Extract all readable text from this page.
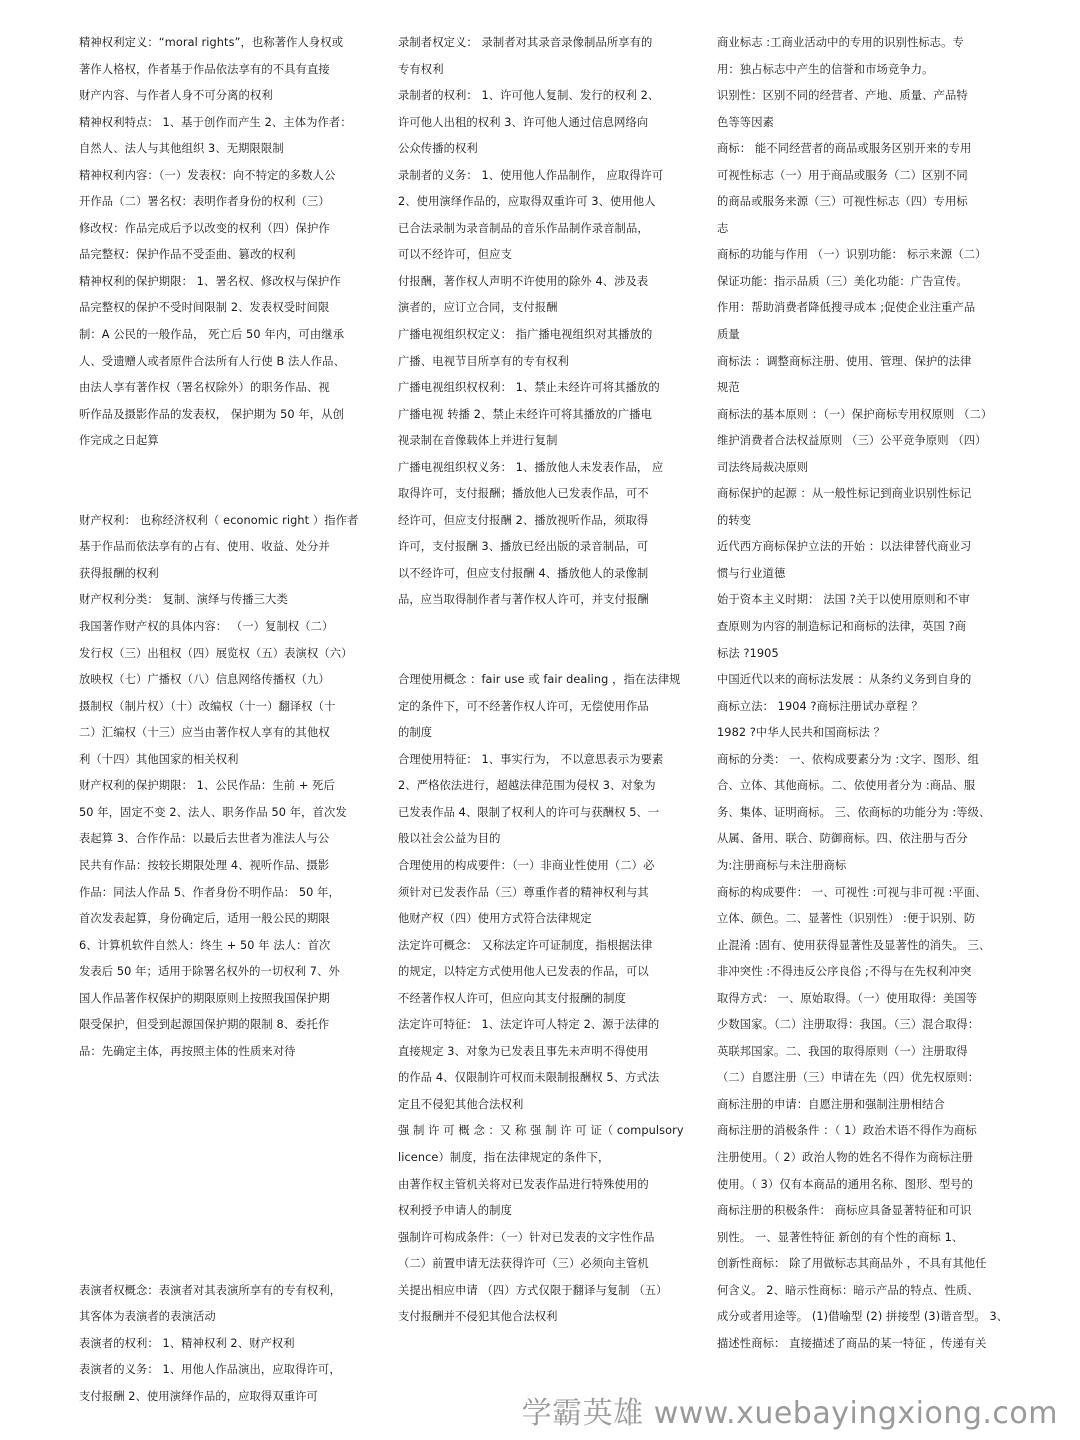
精神权利定义：“moral rights”，也称著作人身权或
著作人格权，作者基于作品依法享有的不具有直接
财产内容、与作者人身不可分离的权利
精神权利特点： 1、基于创作而产生 2、主体为作者：
自然人、法人与其他组织 3、无期限限制
精神权利内容：（一）发表权：向不特定的多数人公
开作品（二）署名权：表明作者身份的权利（三）
修改权：作品完成后予以改变的权利（四）保护作
品完整权：保护作品不受歪曲、篡改的权利
精神权利的保护期限： 1、署名权、修改权与保护作
品完整权的保护不受时间限制 2、发表权受时间限
制：A 公民的一般作品， 死亡后 50 年内，可由继承
人、受遗赠人或者原件合法所有人行使 B 法人作品、
由法人享有著作权（署名权除外）的职务作品、视
听作品及摄影作品的发表权， 保护期为 50 年，从创
作完成之日起算
财产权利： 也称经济权利（ economic right ）指作者
基于作品而依法享有的占有、使用、收益、处分并
获得报酬的权利
财产权利分类： 复制、演绎与传播三大类
我国著作财产权的具体内容： （一）复制权（二）
发行权（三）出租权（四）展览权（五）表演权（六）
放映权（七）广播权（八）信息网络传播权（九）
摄制权（制片权）（十）改编权（十一）翻译权（十
二）汇编权（十三）应当由著作权人享有的其他权
利（十四）其他国家的相关权利
财产权利的保护期限： 1、公民作品：生前 + 死后
50 年，固定不变 2、法人、职务作品 50 年，首次发
表起算 3、合作作品：以最后去世者为准法人与公
民共有作品：按较长期限处理 4、视听作品、摄影
作品：同法人作品 5、作者身份不明作品： 50 年，
首次发表起算，身份确定后，适用一般公民的期限
6、计算机软件自然人：终生 + 50 年 法人：首次
发表后 50 年；适用于除署名权外的一切权利 7、外
国人作品著作权保护的期限原则上按照我国保护期
限受保护，但受到起源国保护期的限制 8、委托作
品：先确定主体，再按照主体的性质来对待
表演者权概念：表演者对其表演所享有的专有权利，
其客体为表演者的表演活动
表演者的权利： 1、精神权利 2、财产权利
表演者的义务： 1、用他人作品演出，应取得许可，
支付报酬 2、使用演绎作品的，应取得双重许可
录制者权定义： 录制者对其录音录像制品所享有的
专有权利
录制者的权利： 1、许可他人复制、发行的权利 2、
许可他人出租的权利 3、许可他人通过信息网络向
公众传播的权利
录制者的义务： 1、使用他人作品制作， 应取得许可
2、使用演绎作品的，应取得双重许可 3、使用他人
已合法录制为录音制品的音乐作品制作录音制品，
可以不经许可，但应支
付报酬，著作权人声明不许使用的除外 4、涉及表
演者的，应订立合同，支付报酬
广播电视组织权定义： 指广播电视组织对其播放的
广播、电视节目所享有的专有权利
广播电视组织权权利： 1、禁止未经许可将其播放的
广播电视 转播 2、禁止未经许可将其播放的广播电
视录制在音像载体上并进行复制
广播电视组织权义务： 1、播放他人未发表作品， 应
取得许可，支付报酬；播放他人已发表作品，可不
经许可，但应支付报酬 2、播放视听作品，须取得
许可，支付报酬 3、播放已经出版的录音制品，可
以不经许可，但应支付报酬 4、播放他人的录像制
品，应当取得制作者与著作权人许可，并支付报酬
合理使用概念 ：fair use 或 fair dealing ，指在法律规
定的条件下，可不经著作权人许可，无偿使用作品
的制度
合理使用特征： 1、事实行为， 不以意思表示为要素
2、严格依法进行，超越法律范围为侵权 3、对象为
已发表作品 4、限制了权利人的许可与获酬权 5、一
般以社会公益为目的
合理使用的构成要件：（一）非商业性使用（二）必
须针对已发表作品（三）尊重作者的精神权利与其
他财产权（四）使用方式符合法律规定
法定许可概念： 又称法定许可证制度，指根据法律
的规定，以特定方式使用他人已发表的作品，可以
不经著作权人许可，但应向其支付报酬的制度
法定许可特征： 1、法定许可人特定 2、源于法律的
直接规定 3、对象为已发表且事先未声明不得使用
的作品 4、仅限制许可权而未限制报酬权 5、方式法
定且不侵犯其他合法权利
强 制 许 可 概 念 ：又 称 强 制 许 可 证（ compulsory
licence）制度，指在法律规定的条件下，
由著作权主管机关将对已发表作品进行特殊使用的
权利授予申请人的制度
强制许可构成条件：（一）针对已发表的文字性作品
（二）前置申请无法获得许可（三）必须向主管机
关提出相应申请 （四）方式仅限于翻译与复制 （五）
支付报酬并不侵犯其他合法权利
商业标志 :工商业活动中的专用的识别性标志。专
用：独占标志中产生的信誉和市场竞争力。
识别性：区别不同的经营者、产地、质量、产品特
色等等因素
商标： 能不同经营者的商品或服务区别开来的专用
可视性标志（一）用于商品或服务（二）区别不同
的商品或服务来源（三）可视性标志（四）专用标
志
商标的功能与作用 （一）识别功能： 标示来源（二）
保证功能：指示品质（三）美化功能：广告宣传。
作用：帮助消费者降低搜寻成本 ;促使企业注重产品
质量
商标法 ：调整商标注册、使用、管理、保护的法律
规范
商标法的基本原则 ：（一）保护商标专用权原则 （二）
维护消费者合法权益原则 （三）公平竞争原则 （四）
司法终局裁决原则
商标保护的起源 ：从一般性标记到商业识别性标记
的转变
近代西方商标保护立法的开始 ：以法律替代商业习
惯与行业道德
始于资本主义时期： 法国 ?关于以使用原则和不审
查原则为内容的制造标记和商标的法律，英国 ?商
标法 ?1905
中国近代以来的商标法发展 ：从条约义务到自身的
商标立法： 1904 ?商标注册试办章程 ？
1982 ?中华人民共和国商标法 ？
商标的分类： 一、依构成要素分为 :文字、图形、组
合、立体、其他商标。二、依使用者分为 :商品、服
务、集体、证明商标。 三、依商标的功能分为 :等级、
从属、备用、联合、防御商标。四、依注册与否分
为:注册商标与未注册商标
商标的构成要件： 一、可视性 :可视与非可视 :平面、
立体、颜色。二、显著性（识别性） :便于识别、防
止混淆 :固有、使用获得显著性及显著性的消失。 三、
非冲突性 :不得违反公序良俗 ;不得与在先权利冲突
取得方式： 一、原始取得。（一）使用取得：美国等
少数国家。（二）注册取得：我国。（三）混合取得：
英联邦国家。二、我国的取得原则（一）注册取得
（二）自愿注册（三）申请在先（四）优先权原则：
商标注册的申请：自愿注册和强制注册相结合
商标注册的消极条件 ：（ 1）政治术语不得作为商标
注册使用。（ 2）政治人物的姓名不得作为商标注册
使用。（ 3）仅有本商品的通用名称、图形、型号的
商标注册的积极条件： 商标应具备显著特征和可识
别性。 一、显著性特征 新创的有个性的商标 1、
创新性商标： 除了用做标志其商品外 ，不具有其他任
何含义。 2、暗示性商标：暗示产品的特点、性质、
成分或者用途等。 (1)借喻型 (2) 拼接型 (3)谐音型。 3、
描述性商标： 直接描述了商品的某一特征 ，传递有关
学霸英雄 www.xuebayingxiong.com
